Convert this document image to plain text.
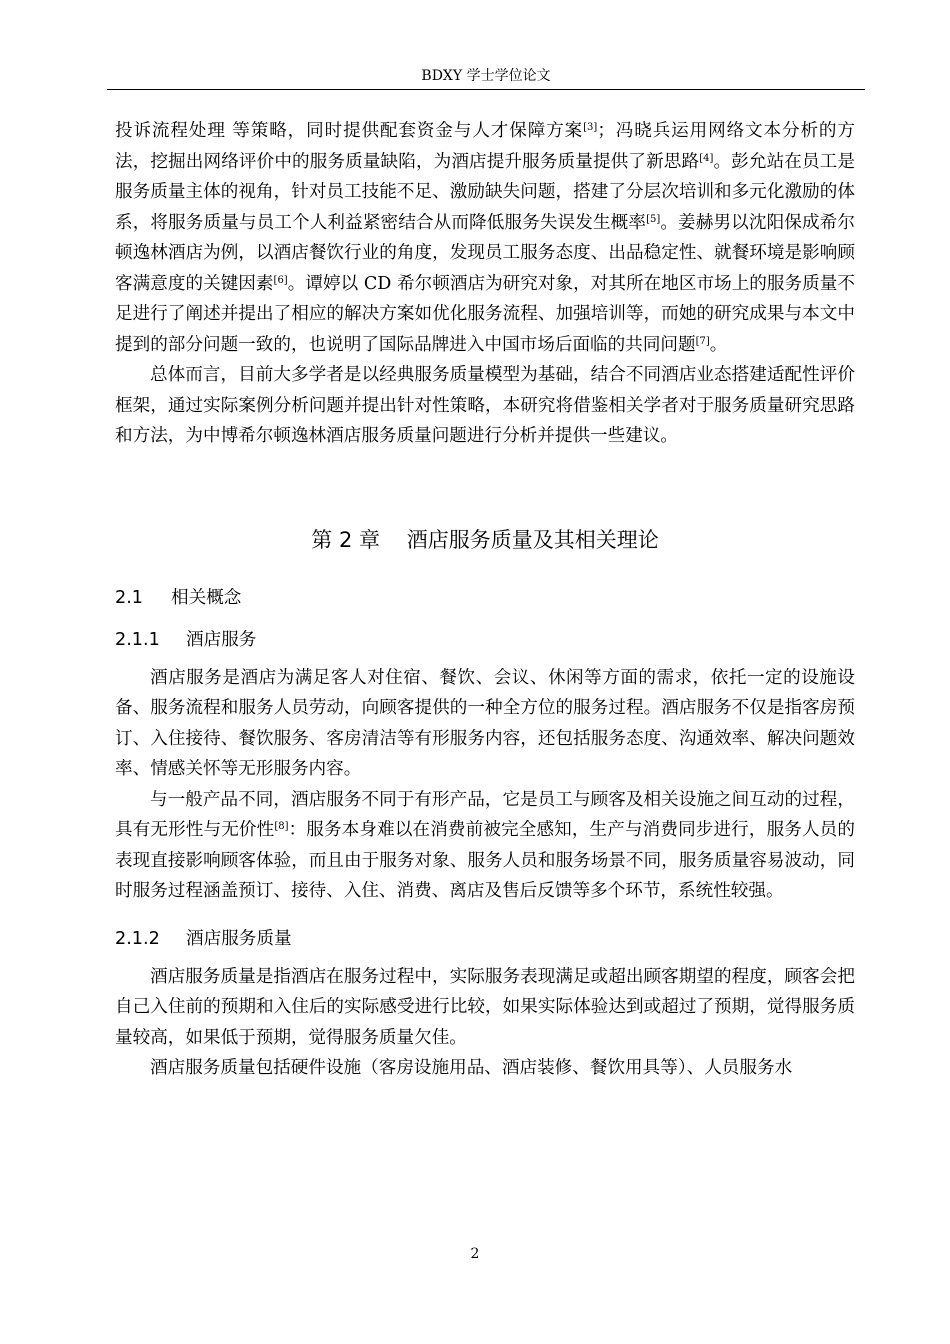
BDXY 学士学位论文

投诉流程处理 等策略，同时提供配套资金与人才保障方案[3]；冯晓兵运用网络文本分析的方法，挖掘出网络评价中的服务质量缺陷，为酒店提升服务质量提供了新思路[4]。彭允站在员工是服务质量主体的视角，针对员工技能不足、激励缺失问题，搭建了分层次培训和多元化激励的体系，将服务质量与员工个人利益紧密结合从而降低服务失误发生概率[5]。姜赫男以沈阳保成希尔顿逸林酒店为例，以酒店餐饮行业的角度，发现员工服务态度、出品稳定性、就餐环境是影响顾客满意度的关键因素[6]。谭婷以 CD 希尔顿酒店为研究对象，对其所在地区市场上的服务质量不足进行了阐述并提出了相应的解决方案如优化服务流程、加强培训等，而她的研究成果与本文中提到的部分问题一致的，也说明了国际品牌进入中国市场后面临的共同问题[7]。

总体而言，目前大多学者是以经典服务质量模型为基础，结合不同酒店业态搭建适配性评价框架，通过实际案例分析问题并提出针对性策略，本研究将借鉴相关学者对于服务质量研究思路和方法，为中博希尔顿逸林酒店服务质量问题进行分析并提供一些建议。

第 2 章 酒店服务质量及其相关理论
2.1 相关概念
2.1.1 酒店服务

酒店服务是酒店为满足客人对住宿、餐饮、会议、休闲等方面的需求，依托一定的设施设备、服务流程和服务人员劳动，向顾客提供的一种全方位的服务过程。酒店服务不仅是指客房预订、入住接待、餐饮服务、客房清洁等有形服务内容，还包括服务态度、沟通效率、解决问题效率、情感关怀等无形服务内容。

与一般产品不同，酒店服务不同于有形产品，它是员工与顾客及相关设施之间互动的过程，具有无形性与无价性[8]：服务本身难以在消费前被完全感知，生产与消费同步进行，服务人员的表现直接影响顾客体验，而且由于服务对象、服务人员和服务场景不同，服务质量容易波动，同时服务过程涵盖预订、接待、入住、消费、离店及售后反馈等多个环节，系统性较强。

2.1.2 酒店服务质量

酒店服务质量是指酒店在服务过程中，实际服务表现满足或超出顾客期望的程度，顾客会把自己入住前的预期和入住后的实际感受进行比较，如果实际体验达到或超过了预期，觉得服务质量较高，如果低于预期，觉得服务质量欠佳。

酒店服务质量包括硬件设施（客房设施用品、酒店装修、餐饮用具等）、人员服务水

2
